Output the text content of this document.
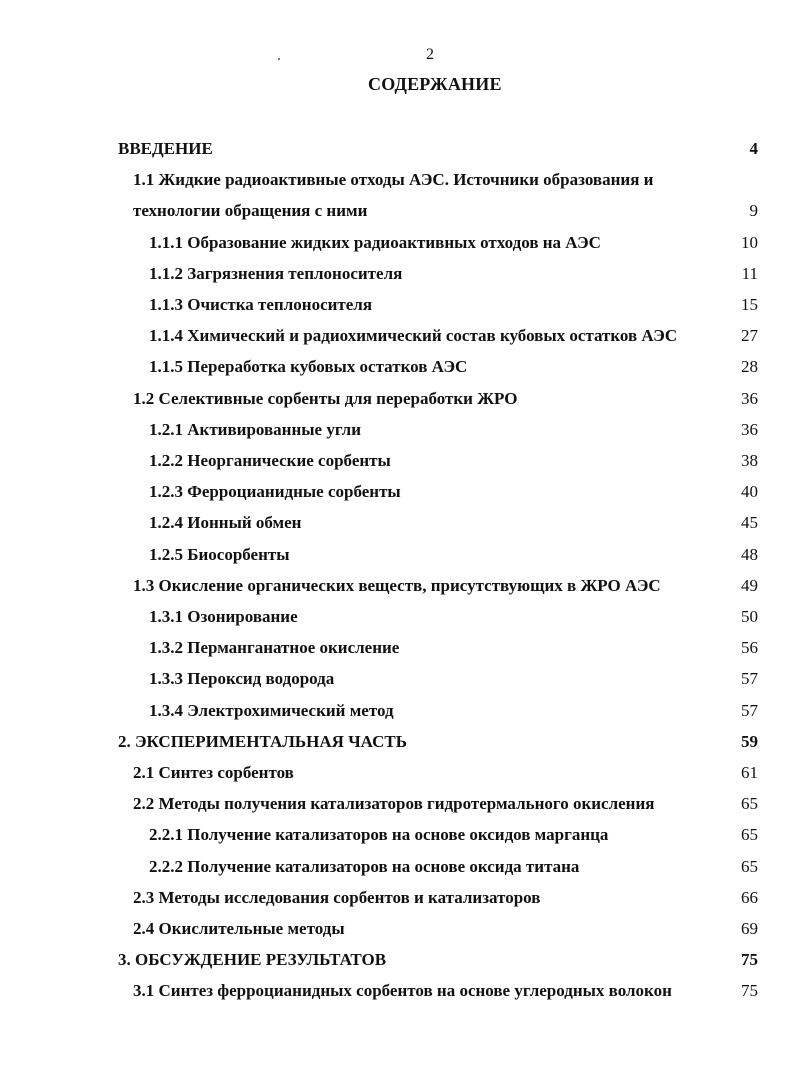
2
СОДЕРЖАНИЕ
ВВЕДЕНИЕ	4
1.1 Жидкие радиоактивные отходы АЭС. Источники образования и
технологии обращения с ними	9
1.1.1 Образование жидких радиоактивных отходов на АЭС	10
1.1.2 Загрязнения теплоносителя	11
1.1.3 Очистка теплоносителя	15
1.1.4 Химический и радиохимический состав кубовых остатков АЭС	27
1.1.5 Переработка кубовых остатков АЭС	28
1.2 Селективные сорбенты для переработки ЖРО	36
1.2.1 Активированные угли	36
1.2.2 Неорганические сорбенты	38
1.2.3 Ферроцианидные сорбенты	40
1.2.4 Ионный обмен	45
1.2.5 Биосорбенты	48
1.3 Окисление органических веществ, присутствующих в ЖРО АЭС	49
1.3.1 Озонирование	50
1.3.2 Перманганатное окисление	56
1.3.3 Пероксид водорода	57
1.3.4 Электрохимический метод	57
2. ЭКСПЕРИМЕНТАЛЬНАЯ ЧАСТЬ	59
2.1 Синтез сорбентов	61
2.2 Методы получения катализаторов гидротермального окисления	65
2.2.1 Получение катализаторов на основе оксидов марганца	65
2.2.2 Получение катализаторов на основе оксида титана	65
2.3 Методы исследования сорбентов и катализаторов	66
2.4 Окислительные методы	69
3. ОБСУЖДЕНИЕ РЕЗУЛЬТАТОВ	75
3.1 Синтез ферроцианидных сорбентов на основе углеродных волокон	75
